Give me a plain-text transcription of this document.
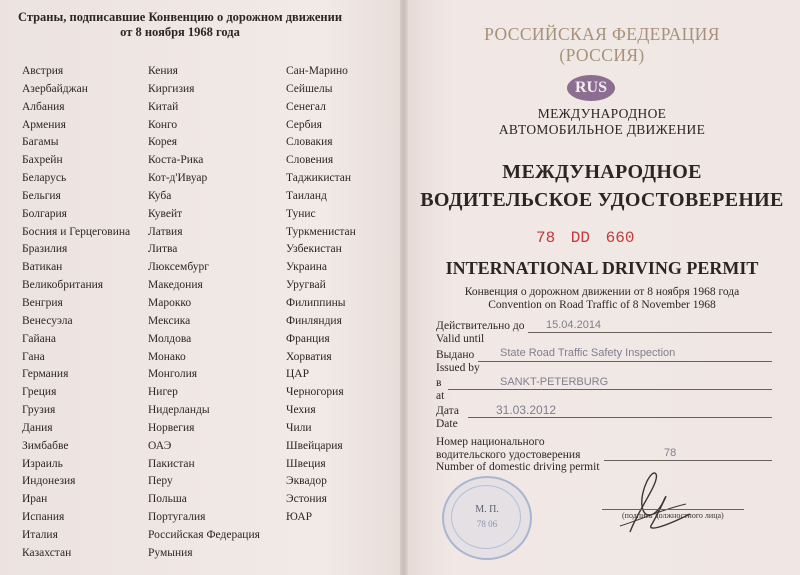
Страны, подписавшие Конвенцию о дорожном движении
от 8 ноября 1968 года
Австрия
Азербайджан
Албания
Армения
Багамы
Бахрейн
Беларусь
Бельгия
Болгария
Босния и Герцеговина
Бразилия
Ватикан
Великобритания
Венгрия
Венесуэла
Гайана
Гана
Германия
Греция
Грузия
Дания
Зимбабве
Израиль
Индонезия
Иран
Испания
Италия
Казахстан
Кения
Киргизия
Китай
Конго
Корея
Коста-Рика
Кот-д'Ивуар
Куба
Кувейт
Латвия
Литва
Люксембург
Македония
Марокко
Мексика
Молдова
Монако
Монголия
Нигер
Нидерланды
Норвегия
ОАЭ
Пакистан
Перу
Польша
Португалия
Российская Федерация
Румыния
Сан-Марино
Сейшелы
Сенегал
Сербия
Словакия
Словения
Таджикистан
Таиланд
Тунис
Туркменистан
Узбекистан
Украина
Уругвай
Филиппины
Финляндия
Франция
Хорватия
ЦАР
Черногория
Чехия
Чили
Швейцария
Швеция
Эквадор
Эстония
ЮАР
РОССИЙСКАЯ ФЕДЕРАЦИЯ
(РОССИЯ)
RUS
МЕЖДУНАРОДНОЕ
АВТОМОБИЛЬНОЕ ДВИЖЕНИЕ
МЕЖДУНАРОДНОЕ
ВОДИТЕЛЬСКОЕ УДОСТОВЕРЕНИЕ
78 DD 660
INTERNATIONAL DRIVING PERMIT
Конвенция о дорожном движении от 8 ноября 1968 года
Convention on Road Traffic of 8 November 1968
Действительно до
Valid until
15.04.2014
Выдано
Issued by
State Road Traffic Safety Inspection
в
at
SANKT-PETERBURG
Дата
Date
31.03.2012
Номер национального
водительского удостоверения
Number of domestic driving permit
78
М. П.
78 06
(подпись должностного лица)
